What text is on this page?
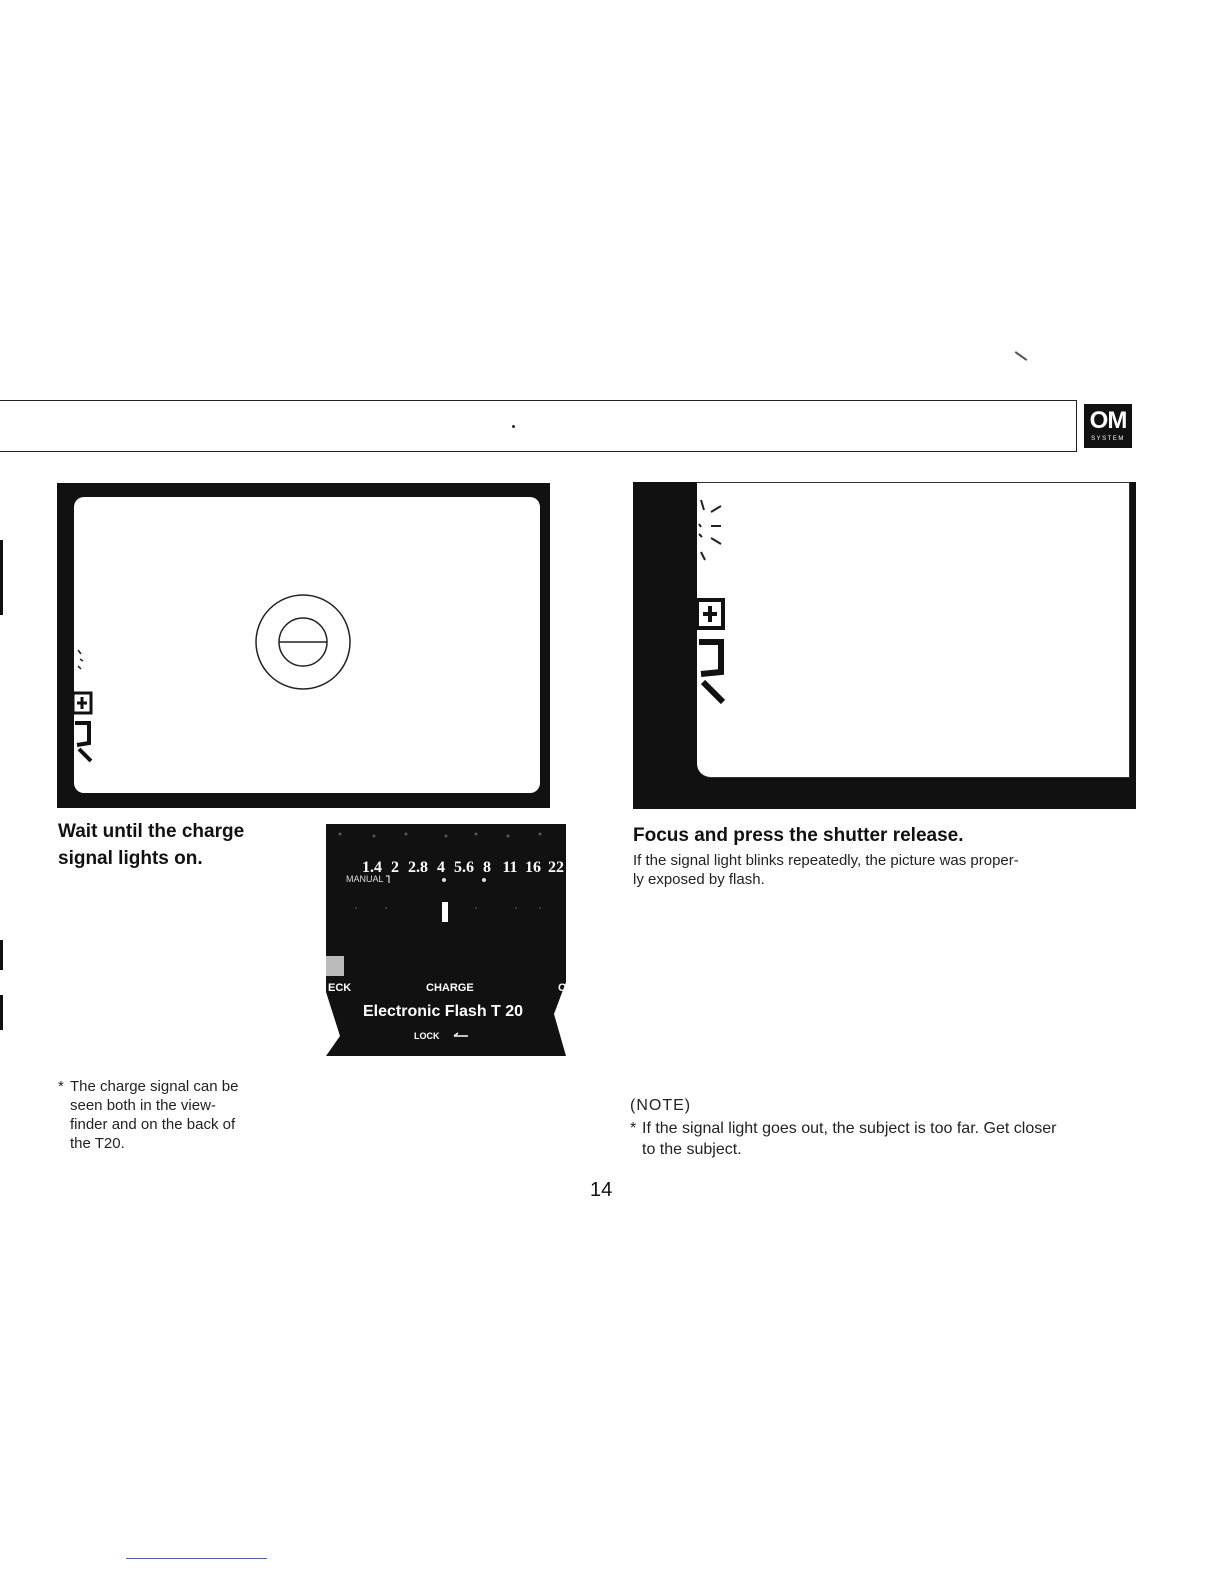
OM
SYSTEM
1.4 2 2.8 4 5.6 8 11 16 22
MANUAL
ECK	CHARGE	C
Electronic Flash T 20
LOCK

Wait until the charge

signal lights on.

* The charge signal can be
seen both in the view-
finder and on the back of
the T20.

Focus and press the shutter release.

If the signal light blinks repeatedly, the picture was proper-

ly exposed by flash.

(NOTE)
* If the signal light goes out, the subject is too far. Get closer
to the subject.
14
